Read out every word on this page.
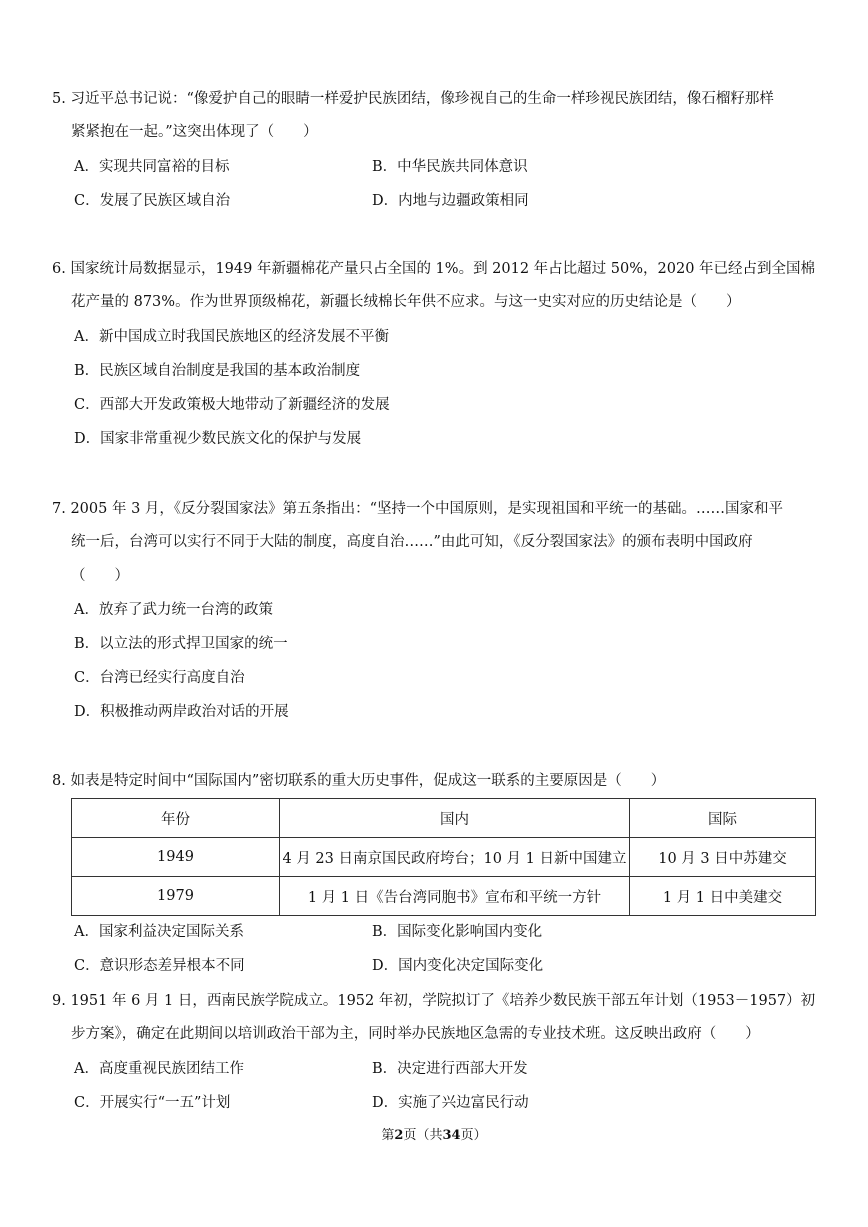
5. 习近平总书记说：“像爱护自己的眼睛一样爱护民族团结，像珍视自己的生命一样珍视民族团结，像石榴籽那样
紧紧抱在一起。”这突出体现了（　　）
A．实现共同富裕的目标	B．中华民族共同体意识
C．发展了民族区域自治	D．内地与边疆政策相同
6. 国家统计局数据显示，1949 年新疆棉花产量只占全国的 1%。到 2012 年占比超过 50%，2020 年已经占到全国棉
花产量的 873%。作为世界顶级棉花，新疆长绒棉长年供不应求。与这一史实对应的历史结论是（　　）
A．新中国成立时我国民族地区的经济发展不平衡
B．民族区域自治制度是我国的基本政治制度
C．西部大开发政策极大地带动了新疆经济的发展
D．国家非常重视少数民族文化的保护与发展
7. 2005 年 3 月，《反分裂国家法》第五条指出：“坚持一个中国原则，是实现祖国和平统一的基础。……国家和平
统一后，台湾可以实行不同于大陆的制度，高度自治……”由此可知，《反分裂国家法》的颁布表明中国政府
（　　）
A．放弃了武力统一台湾的政策
B．以立法的形式捍卫国家的统一
C．台湾已经实行高度自治
D．积极推动两岸政治对话的开展
8. 如表是特定时间中“国际国内”密切联系的重大历史事件，促成这一联系的主要原因是（　　）
年份	国内	国际
1949	4 月 23 日南京国民政府垮台；10 月 1 日新中国建立	10 月 3 日中苏建交
1979	1 月 1 日《告台湾同胞书》宣布和平统一方针	1 月 1 日中美建交
A．国家利益决定国际关系	B．国际变化影响国内变化
C．意识形态差异根本不同	D．国内变化决定国际变化
9. 1951 年 6 月 1 日，西南民族学院成立。1952 年初，学院拟订了《培养少数民族干部五年计划（1953－1957）初
步方案》，确定在此期间以培训政治干部为主，同时举办民族地区急需的专业技术班。这反映出政府（　　）
A．高度重视民族团结工作	B．决定进行西部大开发
C．开展实行“一五”计划	D．实施了兴边富民行动
第2页（共34页）
